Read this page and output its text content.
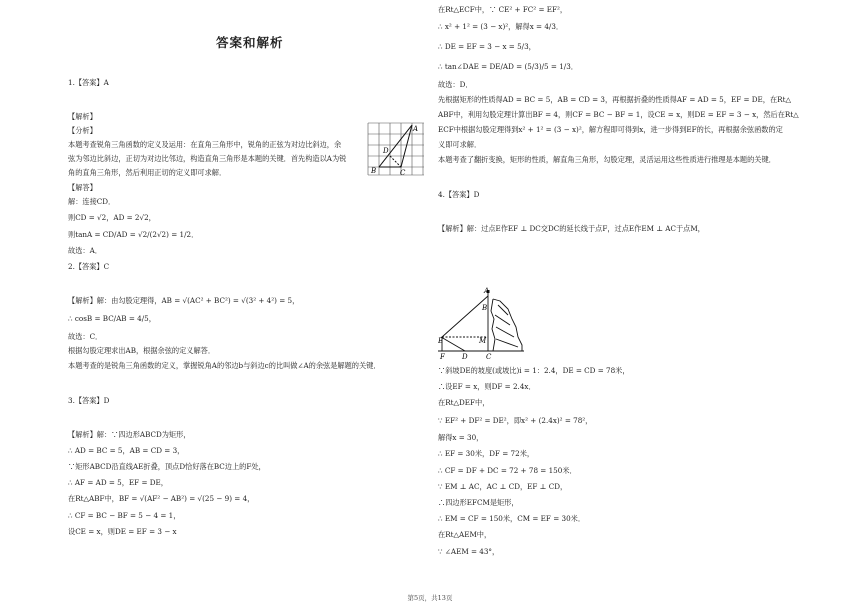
答案和解析
1.【答案】A
【解析】
【分析】
本题考查锐角三角函数的定义及运用：在直角三角形中，锐角的正弦为对边比斜边，余
弦为邻边比斜边，正切为对边比邻边，构造直角三角形是本题的关键．首先构造以A为锐
角的直角三角形，然后利用正切的定义即可求解．
【解答】
解：连接CD．
则CD = √2，AD = 2√2，
则tanA = CD/AD = √2/(2√2) = 1/2．
故选：A．
2.【答案】C
【解析】解：由勾股定理得，AB = √(AC² + BC²) = √(3² + 4²) = 5，
∴ cosB = BC/AB = 4/5，
故选：C．
根据勾股定理求出AB，根据余弦的定义解答．
本题考查的是锐角三角函数的定义，掌握锐角A的邻边b与斜边c的比叫做∠A的余弦是解题的关键．
3.【答案】D
【解析】解：∵四边形ABCD为矩形，
∴ AD = BC = 5，AB = CD = 3，
∵矩形ABCD沿直线AE折叠，顶点D恰好落在BC边上的F处，
∴ AF = AD = 5，EF = DE，
在Rt△ABF中，BF = √(AF² − AB²) = √(25 − 9) = 4，
∴ CF = BC − BF = 5 − 4 = 1，
设CE = x，则DE = EF = 3 − x
在Rt△ECF中，∵ CE² + FC² = EF²，
∴ x² + 1² = (3 − x)²，解得x = 4/3．
∴ DE = EF = 3 − x = 5/3，
∴ tan∠DAE = DE/AD = (5/3)/5 = 1/3．
故选：D．
先根据矩形的性质得AD = BC = 5，AB = CD = 3，再根据折叠的性质得AF = AD = 5，EF = DE，在Rt△
ABF中，利用勾股定理计算出BF = 4，则CF = BC − BF = 1，设CE = x，则DE = EF = 3 − x，然后在Rt△
ECF中根据勾股定理得到x² + 1² = (3 − x)²，解方程即可得到x，进一步得到EF的长，再根据余弦函数的定
义即可求解．
本题考查了翻折变换，矩形的性质，解直角三角形，勾股定理，灵活运用这些性质进行推理是本题的关键．
4.【答案】D
【解析】解：过点E作EF ⊥ DC交DC的延长线于点F，过点E作EM ⊥ AC于点M，
∵斜坡DE的坡度(或坡比)i = 1：2.4，DE = CD = 78米，
∴设EF = x，则DF = 2.4x．
在Rt△DEF中，
∵ EF² + DF² = DE²，即x² + (2.4x)² = 78²，
解得x = 30，
∴ EF = 30米，DF = 72米，
∴ CF = DF + DC = 72 + 78 = 150米．
∵ EM ⊥ AC，AC ⊥ CD，EF ⊥ CD，
∴四边形EFCM是矩形，
∴ EM = CF = 150米，CM = EF = 30米．
在Rt△AEM中，
∵ ∠AEM = 43°，
A
B	C
D
A
B
E	M
F D	C
第5页，共13页
